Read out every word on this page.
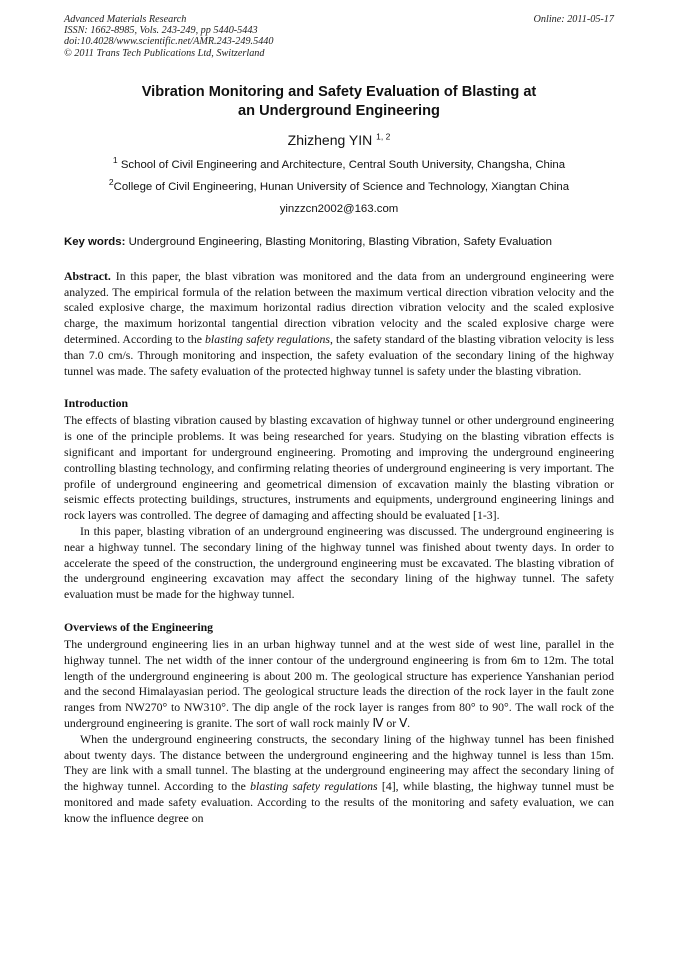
Advanced Materials Research
ISSN: 1662-8985, Vols. 243-249, pp 5440-5443
doi:10.4028/www.scientific.net/AMR.243-249.5440
© 2011 Trans Tech Publications Ltd, Switzerland
Online: 2011-05-17
Vibration Monitoring and Safety Evaluation of Blasting at
an Underground Engineering
Zhizheng YIN $^{1, 2}$
$^1$ School of Civil Engineering and Architecture, Central South University, Changsha, China
$^2$College of Civil Engineering, Hunan University of Science and Technology, Xiangtan China
yinzzcn2002@163.com
Key words: Underground Engineering, Blasting Monitoring, Blasting Vibration, Safety Evaluation

Abstract. In this paper, the blast vibration was monitored and the data from an underground engineering were analyzed. The empirical formula of the relation between the maximum vertical direction vibration velocity and the scaled explosive charge, the maximum horizontal radius direction vibration velocity and the scaled explosive charge, the maximum horizontal tangential direction vibration velocity and the scaled explosive charge were determined. According to the blasting safety regulations, the safety standard of the blasting vibration velocity is less than 7.0 cm/s. Through monitoring and inspection, the safety evaluation of the secondary lining of the highway tunnel was made. The safety evaluation of the protected highway tunnel is safety under the blasting vibration.

Introduction

The effects of blasting vibration caused by blasting excavation of highway tunnel or other underground engineering is one of the principle problems. It was being researched for years. Studying on the blasting vibration effects is significant and important for underground engineering. Promoting and improving the underground engineering controlling blasting technology, and confirming relating theories of underground engineering is very important. The profile of underground engineering and geometrical dimension of excavation mainly the blasting vibration or seismic effects protecting buildings, structures, instruments and equipments, underground engineering linings and rock layers was controlled. The degree of damaging and affecting should be evaluated [1-3].

In this paper, blasting vibration of an underground engineering was discussed. The underground engineering is near a highway tunnel. The secondary lining of the highway tunnel was finished about twenty days. In order to accelerate the speed of the construction, the underground engineering must be excavated. The blasting vibration of the underground engineering excavation may affect the secondary lining of the highway tunnel. The safety evaluation must be made for the highway tunnel.

Overviews of the Engineering

The underground engineering lies in an urban highway tunnel and at the west side of west line, parallel in the highway tunnel. The net width of the inner contour of the underground engineering is from 6m to 12m. The total length of the underground engineering is about 200 m. The geological structure has experience Yanshanian period and the second Himalayasian period. The geological structure leads the direction of the rock layer in the fault zone ranges from NW270° to NW310°. The dip angle of the rock layer is ranges from 80° to 90°. The wall rock of the underground engineering is granite. The sort of wall rock mainly Ⅳ or Ⅴ.

When the underground engineering constructs, the secondary lining of the highway tunnel has been finished about twenty days. The distance between the underground engineering and the highway tunnel is less than 15m. They are link with a small tunnel. The blasting at the underground engineering may affect the secondary lining of the highway tunnel. According to the blasting safety regulations [4], while blasting, the highway tunnel must be monitored and made safety evaluation. According to the results of the monitoring and safety evaluation, we can know the influence degree on
